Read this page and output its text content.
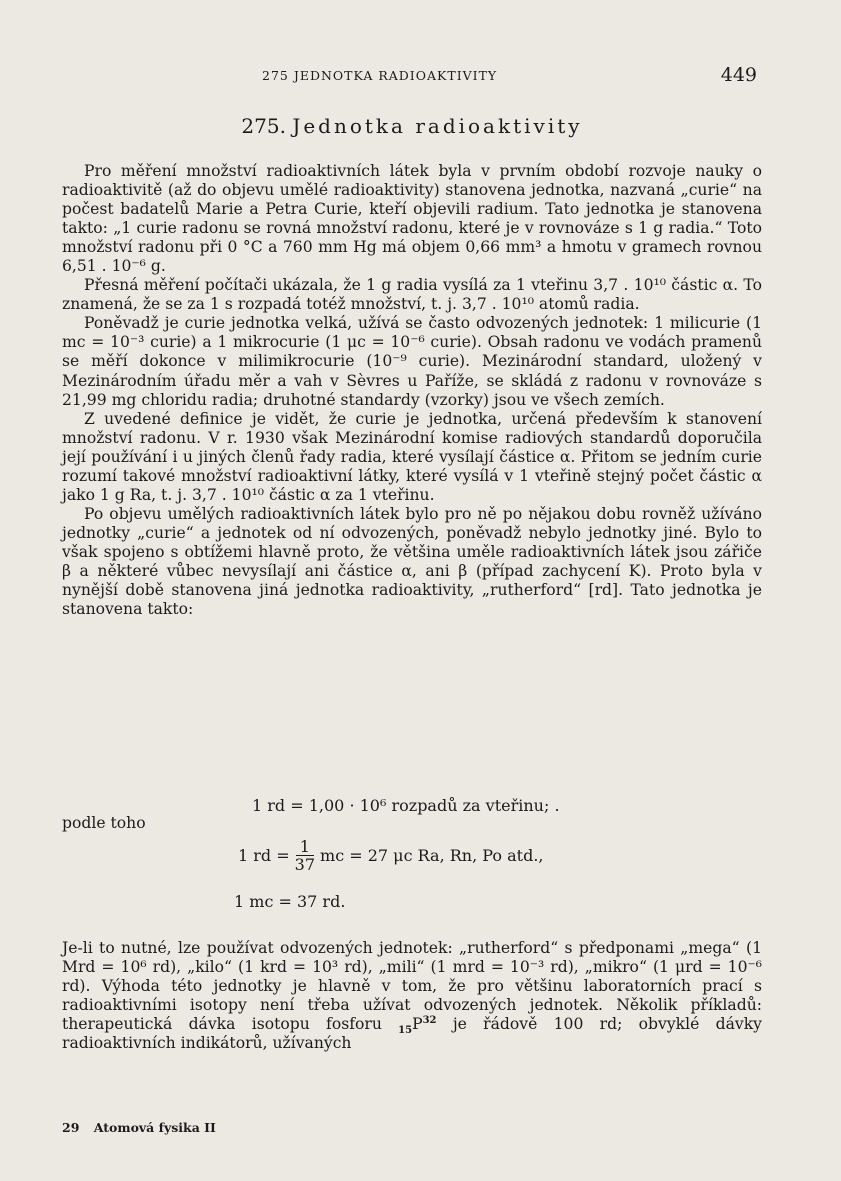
275 JEDNOTKA RADIOAKTIVITY	449
275. Jednotka radioaktivity

Pro měření množství radioaktivních látek byla v prvním období rozvoje nauky o radioaktivitě (až do objevu umělé radioaktivity) stanovena jednotka, nazvaná „curie“ na počest badatelů Marie a Petra Curie, kteří objevili radium. Tato jednotka je stanovena takto: „1 curie radonu se rovná množství radonu, které je v rovnováze s 1 g radia.“ Toto množství radonu při 0 °C a 760 mm Hg má objem 0,66 mm³ a hmotu v gramech rovnou 6,51 . 10⁻⁶ g.

Přesná měření počítači ukázala, že 1 g radia vysílá za 1 vteřinu 3,7 . 10¹⁰ částic α. To znamená, že se za 1 s rozpadá totéž množství, t. j. 3,7 . 10¹⁰ atomů radia.

Poněvadž je curie jednotka velká, užívá se často odvozených jednotek: 1 milicurie (1 mc = 10⁻³ curie) a 1 mikrocurie (1 μc = 10⁻⁶ curie). Obsah radonu ve vodách pramenů se měří dokonce v milimikrocurie (10⁻⁹ curie). Mezinárodní standard, uložený v Mezinárodním úřadu měr a vah v Sèvres u Paříže, se skládá z radonu v rovnováze s 21,99 mg chloridu radia; druhotné standardy (vzorky) jsou ve všech zemích.

Z uvedené definice je vidět, že curie je jednotka, určená především k stanovení množství radonu. V r. 1930 však Mezinárodní komise radiových standardů doporučila její používání i u jiných členů řady radia, které vysílají částice α. Přitom se jedním curie rozumí takové množství radioaktivní látky, které vysílá v 1 vteřině stejný počet částic α jako 1 g Ra, t. j. 3,7 . 10¹⁰ částic α za 1 vteřinu.

Po objevu umělých radioaktivních látek bylo pro ně po nějakou dobu rovněž užíváno jednotky „curie“ a jednotek od ní odvozených, poněvadž nebylo jednotky jiné. Bylo to však spojeno s obtížemi hlavně proto, že většina uměle radioaktivních látek jsou zářiče β a některé vůbec nevysílají ani částice α, ani β (případ zachycení K). Proto byla v nynější době stanovena jiná jednotka radioaktivity, „rutherford“ [rd]. Tato jednotka je stanovena takto:

1 rd = 1,00 · 10⁶ rozpadů za vteřinu; .
podle toho
1 rd = $\frac{1}{37}$ mc = 27 μc Ra, Rn, Po atd.,
1 mc = 37 rd.

Je-li to nutné, lze používat odvozených jednotek: „rutherford“ s předponami „mega“ (1 Mrd = 10⁶ rd), „kilo“ (1 krd = 10³ rd), „mili“ (1 mrd = 10⁻³ rd), „mikro“ (1 μrd = 10⁻⁶ rd). Výhoda této jednotky je hlavně v tom, že pro většinu laboratorních prací s radioaktivními isotopy není třeba užívat odvozených jednotek. Několik příkladů: therapeutická dávka isotopu fosforu $_{15}P^{32}$ je řádově 100 rd; obvyklé dávky radioaktivních indikátorů, užívaných

29 Atomová fysika II
